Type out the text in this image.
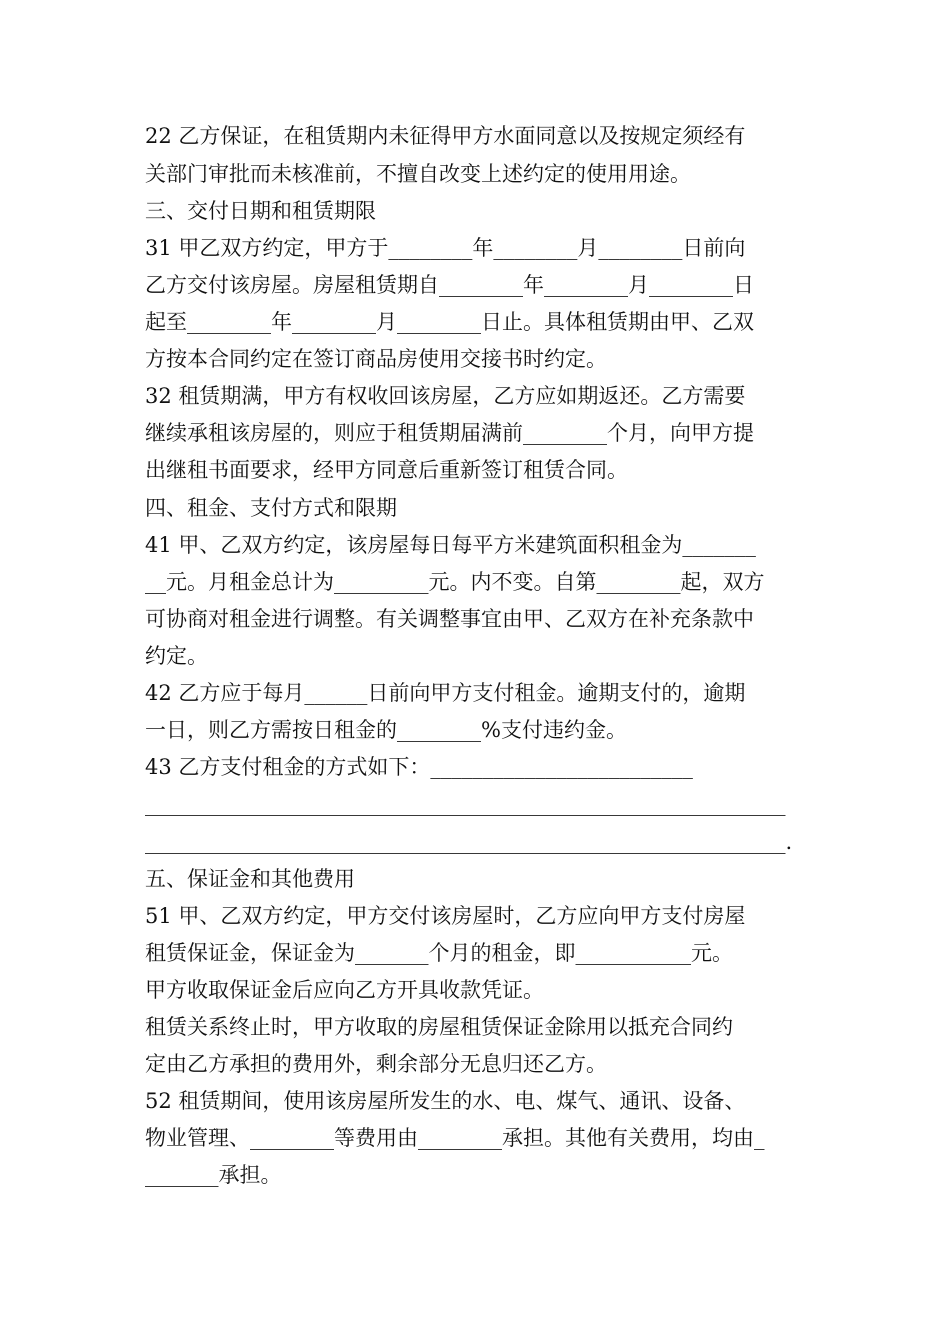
22 乙方保证，在租赁期内未征得甲方水面同意以及按规定须经有
关部门审批而未核准前，不擅自改变上述约定的使用用途。
三、交付日期和租赁期限
31 甲乙双方约定，甲方于________年________月________日前向
乙方交付该房屋。房屋租赁期自________年________月________日
起至________年________月________日止。具体租赁期由甲、乙双
方按本合同约定在签订商品房使用交接书时约定。
32 租赁期满，甲方有权收回该房屋，乙方应如期返还。乙方需要
继续承租该房屋的，则应于租赁期届满前________个月，向甲方提
出继租书面要求，经甲方同意后重新签订租赁合同。
四、租金、支付方式和限期
41 甲、乙双方约定，该房屋每日每平方米建筑面积租金为_______
__元。月租金总计为_________元。内不变。自第________起，双方
可协商对租金进行调整。有关调整事宜由甲、乙双方在补充条款中
约定。
42 乙方应于每月______日前向甲方支付租金。逾期支付的，逾期
一日，则乙方需按日租金的________%支付违约金。
43 乙方支付租金的方式如下：_________________________
_____________________________________________________________
_____________________________________________________________.
五、保证金和其他费用
51 甲、乙双方约定，甲方交付该房屋时，乙方应向甲方支付房屋
租赁保证金，保证金为_______个月的租金，即___________元。
甲方收取保证金后应向乙方开具收款凭证。
租赁关系终止时，甲方收取的房屋租赁保证金除用以抵充合同约
定由乙方承担的费用外，剩余部分无息归还乙方。
52 租赁期间，使用该房屋所发生的水、电、煤气、通讯、设备、
物业管理、________等费用由________承担。其他有关费用，均由_
_______承担。
